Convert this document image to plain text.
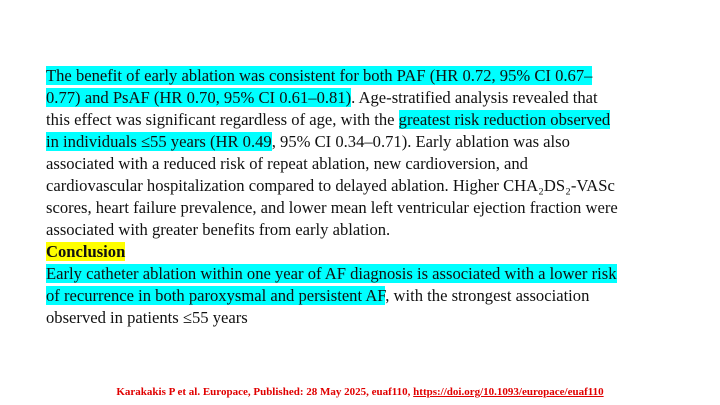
The benefit of early ablation was consistent for both PAF (HR 0.72, 95% CI 0.67–
0.77) and PsAF (HR 0.70, 95% CI 0.61–0.81). Age-stratified analysis revealed that
this effect was significant regardless of age, with the greatest risk reduction observed
in individuals ≤55 years (HR 0.49, 95% CI 0.34–0.71). Early ablation was also
associated with a reduced risk of repeat ablation, new cardioversion, and
cardiovascular hospitalization compared to delayed ablation. Higher CHA₂DS₂-VASc
scores, heart failure prevalence, and lower mean left ventricular ejection fraction were
associated with greater benefits from early ablation.
Conclusion
Early catheter ablation within one year of AF diagnosis is associated with a lower risk
of recurrence in both paroxysmal and persistent AF, with the strongest association
observed in patients ≤55 years
Karakakis P et al. Europace, Published: 28 May 2025, euaf110, https://doi.org/10.1093/europace/euaf110
